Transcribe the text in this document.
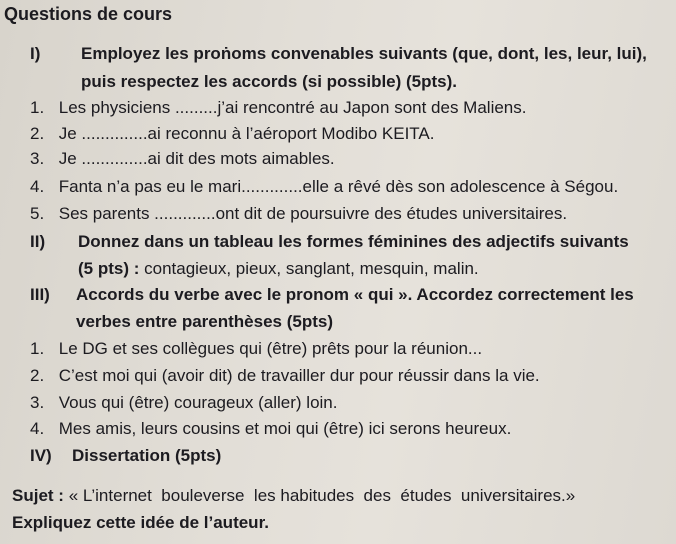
Questions de cours
I) Employez les proṅoms convenables suivants (que, dont, les, leur, lui),
puis respectez les accords (si possible) (5pts).
1. Les physiciens .........j’ai rencontré au Japon sont des Maliens.
2. Je ..............ai reconnu à l’aéroport Modibo KEITA.
3. Je ..............ai dit des mots aimables.
4. Fanta n’a pas eu le mari.............elle a rêvé dès son adolescence à Ségou.
5. Ses parents .............ont dit de poursuivre des études universitaires.
II) Donnez dans un tableau les formes féminines des adjectifs suivants
(5 pts) : contagieux, pieux, sanglant, mesquin, malin.
III) Accords du verbe avec le pronom « qui ». Accordez correctement les
verbes entre parenthèses (5pts)
1. Le DG et ses collègues qui (être) prêts pour la réunion...
2. C’est moi qui (avoir dit) de travailler dur pour réussir dans la vie.
3. Vous qui (être) courageux (aller) loin.
4. Mes amis, leurs cousins et moi qui (être) ici serons heureux.
IV) Dissertation (5pts)
Sujet : « L’internet  bouleverse  les habitudes  des  études  universitaires.»
Expliquez cette idée de l’auteur.
